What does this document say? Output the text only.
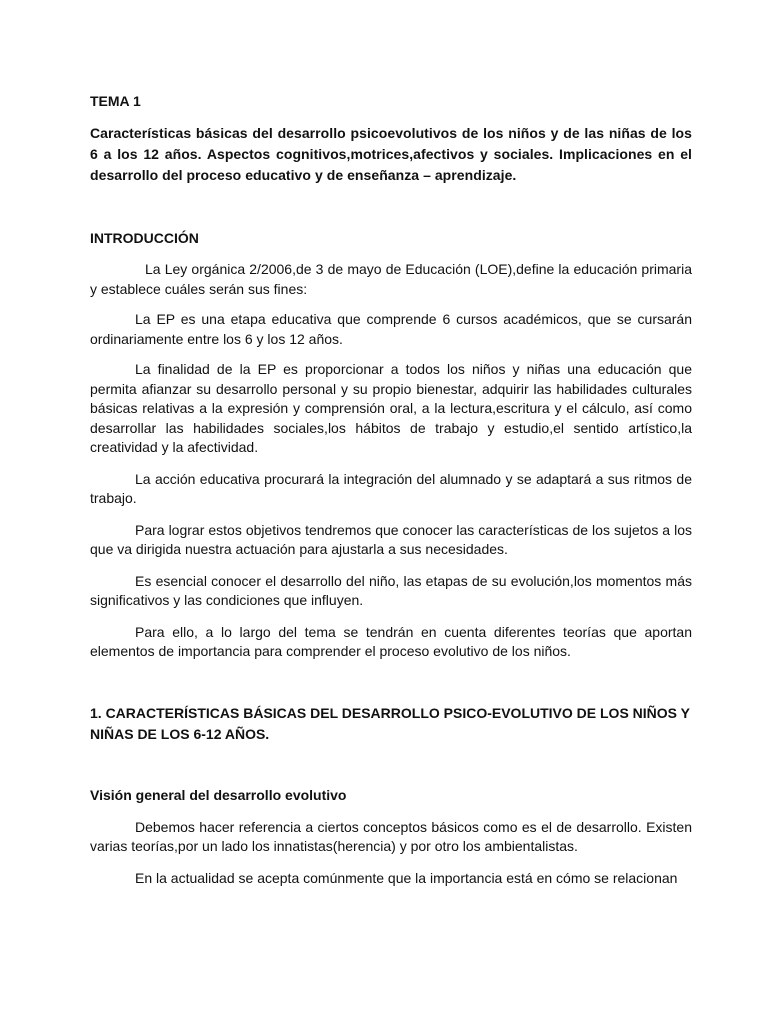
TEMA 1
Características básicas del desarrollo psicoevolutivos de los niños y de las niñas de los 6 a los 12 años. Aspectos cognitivos,motrices,afectivos y sociales. Implicaciones en el desarrollo del proceso educativo y de enseñanza – aprendizaje.
INTRODUCCIÓN

La Ley orgánica 2/2006,de 3 de mayo de Educación (LOE),define la educación primaria y establece cuáles serán sus fines:

La EP es una etapa educativa que comprende 6 cursos académicos, que se cursarán ordinariamente entre los 6 y los 12 años.

La finalidad de la EP es proporcionar a todos los niños y niñas una educación que permita afianzar su desarrollo personal y su propio bienestar, adquirir las habilidades culturales básicas relativas a la expresión y comprensión oral, a la lectura,escritura y el cálculo, así como desarrollar las habilidades sociales,los hábitos de trabajo y estudio,el sentido artístico,la creatividad y la afectividad.

La acción educativa procurará la integración del alumnado y se adaptará a sus ritmos de trabajo.

Para lograr estos objetivos tendremos que conocer las características de los sujetos a los que va dirigida nuestra actuación para ajustarla a sus necesidades.

Es esencial conocer el desarrollo del niño, las etapas de su evolución,los momentos más significativos y las condiciones que influyen.

Para ello, a lo largo del tema se tendrán en cuenta diferentes teorías que aportan elementos de importancia para comprender el proceso evolutivo de los niños.

1. CARACTERÍSTICAS BÁSICAS DEL DESARROLLO PSICO-EVOLUTIVO DE LOS NIÑOS Y NIÑAS DE LOS 6-12 AÑOS.
Visión general del desarrollo evolutivo

Debemos hacer referencia a ciertos conceptos básicos como es el de desarrollo. Existen varias teorías,por un lado los innatistas(herencia) y por otro los ambientalistas.

En la actualidad se acepta comúnmente que la importancia está en cómo se relacionan
